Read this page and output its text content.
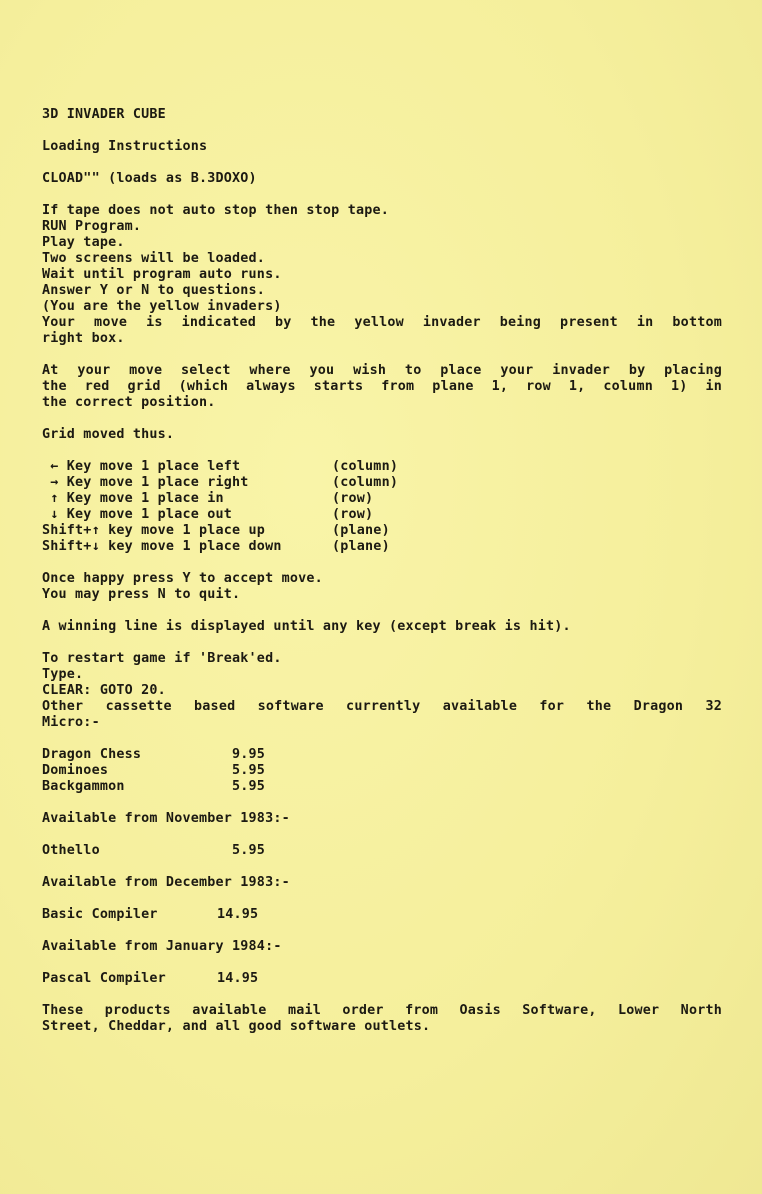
3D INVADER CUBE

Loading Instructions

CLOAD"" (loads as B.3DOXO)

If tape does not auto stop then stop tape.

RUN Program.

Play tape.

Two screens will be loaded.

Wait until program auto runs.

Answer Y or N to questions.

(You are the yellow invaders)

Your move is indicated by the yellow invader being present in bottom

right box.

At your move select where you wish to place your invader by placing

the red grid (which always starts from plane 1, row 1, column 1) in

the correct position.

Grid moved thus.

← Key move 1 place left	(column)
→ Key move 1 place right	(column)
↑ Key move 1 place in	(row)
↓ Key move 1 place out	(row)
Shift+↑ key move 1 place up	(plane)
Shift+↓ key move 1 place down	(plane)

Once happy press Y to accept move.

You may press N to quit.

A winning line is displayed until any key (except break is hit).

To restart game if 'Break'ed.

Type.

CLEAR: GOTO 20.

Other cassette based software currently available for the Dragon 32

Micro:-

Dragon Chess	9.95
Dominoes	5.95
Backgammon	5.95

Available from November 1983:-

Othello	5.95

Available from December 1983:-

Basic Compiler	14.95

Available from January 1984:-

Pascal Compiler	14.95

These products available mail order from Oasis Software, Lower North

Street, Cheddar, and all good software outlets.
